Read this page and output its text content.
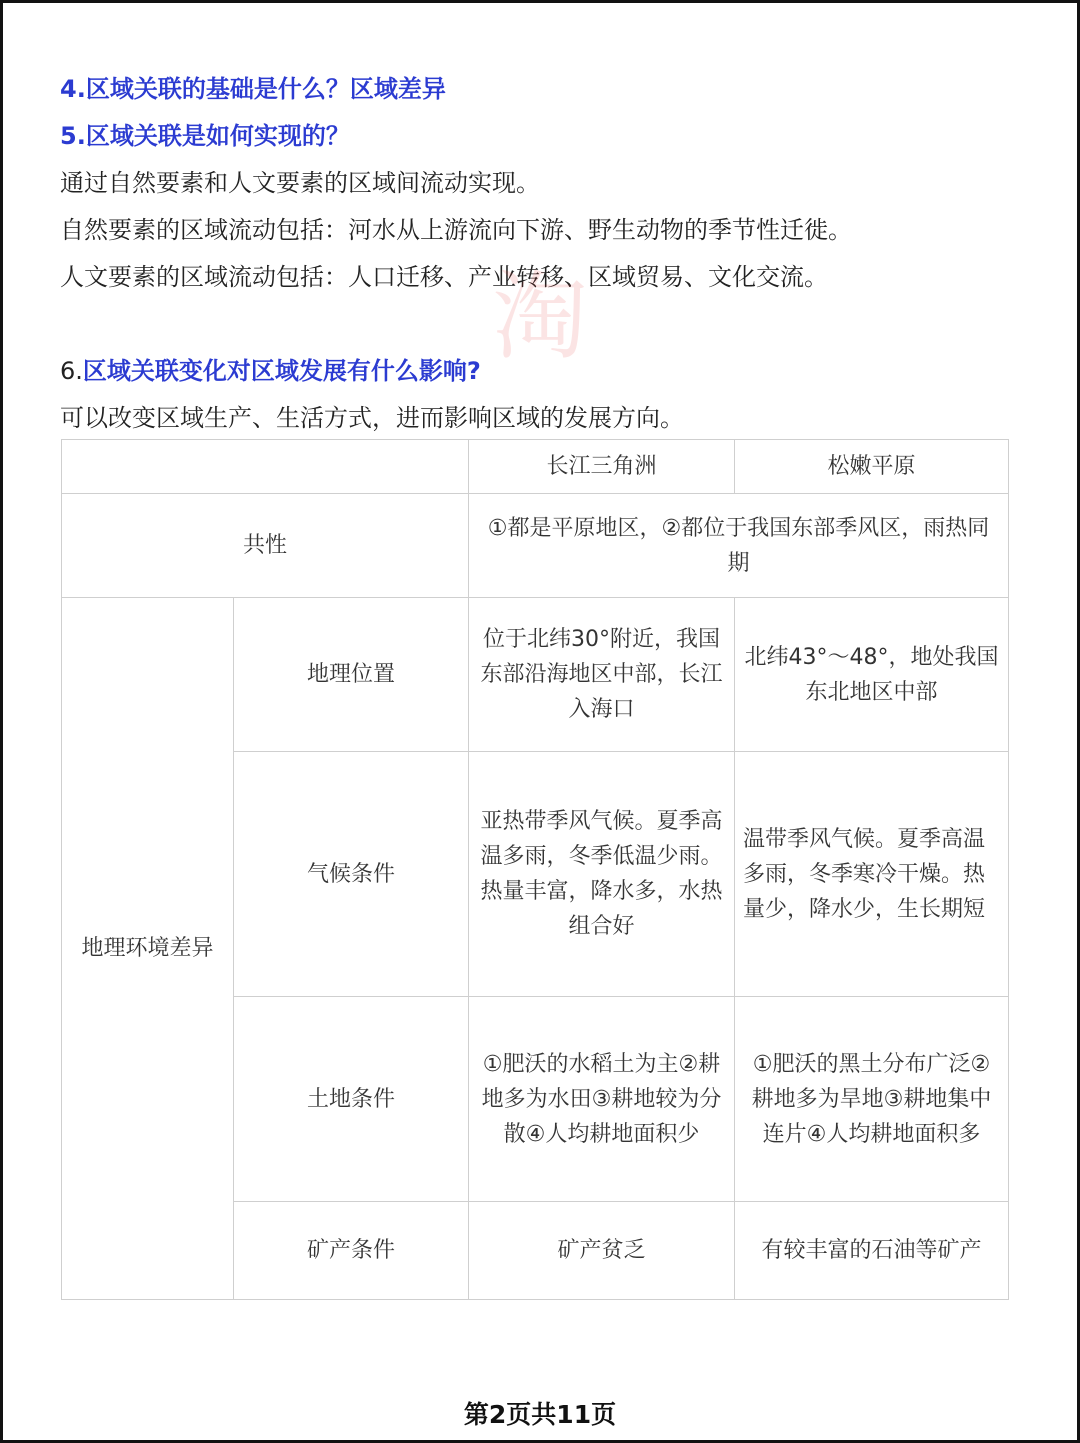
4.区域关联的基础是什么？区域差异
5.区域关联是如何实现的？
通过自然要素和人文要素的区域间流动实现。
自然要素的区域流动包括：河水从上游流向下游、野生动物的季节性迁徙。
人文要素的区域流动包括：人口迁移、产业转移、区域贸易、文化交流。
淘
6.区域关联变化对区域发展有什么影响?
可以改变区域生产、生活方式，进而影响区域的发展方向。
		长江三角洲	松嫩平原
共性		①都是平原地区，②都位于我国东部季风区，雨热同期	
地理环境差异	地理位置	位于北纬30°附近，我国东部沿海地区中部，长江入海口	北纬43°～48°，地处我国东北地区中部
	气候条件	亚热带季风气候。夏季高温多雨，冬季低温少雨。热量丰富，降水多，水热组合好	温带季风气候。夏季高温多雨，冬季寒冷干燥。热量少，降水少，生长期短
	土地条件	①肥沃的水稻土为主②耕地多为水田③耕地较为分散④人均耕地面积少	①肥沃的黑土分布广泛②耕地多为旱地③耕地集中连片④人均耕地面积多
	矿产条件	矿产贫乏	有较丰富的石油等矿产
第2页共11页
